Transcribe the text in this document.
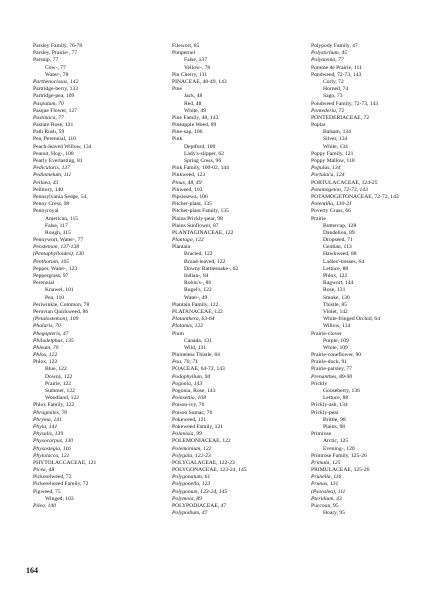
Parsley Family, 76-78
Parsley, Prairie-, 77
Parsnip, 77
Cow-, 77
Water-, 78
Parthenocissus, 142
Partridge-berry, 133
Partridge-pea, 109
Paspalum, 70
Pasque Flower, 127
Pastinaca, 77
Pasture Rose, 131
Path Rush, 59
Pea, Perennial, 110
Peach-leaved Willow, 134
Peanut, Hog-, 108
Pearly Everlasting, 81
Pedicularis, 137
Pediomelum, 111
Pellaea, 43
Pellitory, 140
Pennsylvania Sedge, 54,
Penny Cress, 98
Pennyroyal
American, 115
False, 117
Rough, 115
Pennywort, Water-, 77
Penstemon, 137-138
(Pentaphylloides), 130
Penthorum, 105
Pepper, Water-, 123
Peppergrass, 97
Perennial
Knawel, 101
Pea, 110
Periwinkle, Common, 78
Peruvian Quickweed, 86
(Petalostemon), 109
Phalaris, 70
Phegopteris, 47
Philadelphus, 135
Phleum, 70
Phlox, 122
Phlox, 122
Blue, 122
Downy, 122
Prairie, 122
Summer, 122
Woodland, 122
Phlox Family, 122
Phragmites, 70
Phryma, 141
Phyla, 141
Physalis, 139
Physocarpus, 130
Physostegia, 116
Phytolacca, 121
PHYTOLACCACEAE, 121
Picea, 48
Pickerelweed, 72
Pickerelweed Family, 72
Pigweed, 75
Winged, 103
Pilea, 140
Filewort, 85
Pimpernel
False, 137
Yellow-, 78
Pin Cherry, 131
PINACEAE, 48-49, 143
Pine
Jack, 48
Red, 48
White, 49
Pine Family, 48, 143
Pineapple Weed, 89
Pine-sap, 106
Pink
Deptford, 100
Lady's-slipper, 62
Spring Cress, 96
Pink Family, 100-02, 144
Pinkweed, 123
Pinus, 48, 49
Pinweed, 103
Pipsissewa, 106
Pitcher-plant, 135
Pitcher-plant Family, 135
Plains Prickly-pear, 98
Plains Sunflower, 87
PLANTAGINACEAE, 122
Plantago, 122
Plantain
Bracted, 122
Broad-leaved, 122
Downy Rattlesnake-, 62
Indian-, 84
Robin's-, 86
Rugel's, 122
Water-, 49
Plantain Family, 122
PLATANACEAE, 122
Platanthera, 63-64
Platanus, 122
Plum
Canada, 131
Wild, 131
Plumeless Thistle, 84
Poa, 70, 71
POACEAE, 64-72, 143
Podophyllum, 94
Pogonia, 143
Pogonia, Rose, 143
Poinsettia, 108
Poison-ivy, 76
Poison Sumac, 76
Pokeweed, 121
Pokeweed Family, 121
Polanisia, 99
POLEMONIACEAE, 122
Polemonium, 122
Polygala, 122-23
POLYGALACEAE, 122-23
POLYGONACEAE, 123-24, 145
Polygonatum, 61
Polygonella, 123
Polygonum, 123-24, 145
Polymnia, 89
POLYPODIACEAE, 47
Polypodium, 47
Polypody Family, 47
Polystichum, 45
Polytaenia, 77
Pomme de Prairie, 111
Pondweed, 72-73, 143
Curly, 72
Horned, 74
Sago, 73
Pondweed Family, 72-73, 143
Pontederia, 72
PONTEDERIACEAE, 72
Poplar
Balsam, 134
Silver, 134
White, 134
Poppy Family, 121
Poppy Mallow, 118
Populus, 134
Portulaca, 124
PORTULACACEAE, 124-25
Potamogeton, 72-73, 143
POTAMOGETONACEAE, 72-73, 143
Potentilla, 130-31
Poverty Grass, 66
Prairie
Buttercup, 128
Dandelion, 89
Dropseed, 71
Gentian, 113
Hawkweed, 88
Ladies'-tresses, 64
Lettuce, 88
Phlox, 122
Ragwort, 144
Rose, 131
Smoke, 130
Thistle, 85
Violet, 142
White-fringed Orchid, 64
Willow, 134
Prairie-clover
Purple, 109
White, 109
Prairie-coneflower, 90
Prairie-dock, 91
Prairie-parsley, 77
Prenanthes, 89-90
Prickly
Gooseberry, 136
Lettuce, 88
Prickly-ash, 134
Prickly-pear
Brittle, 98
Plains, 98
Primrose
Arctic, 125
Evening-, 120
Primrose Family, 125-26
Primula, 125
PRIMULACEAE, 125-26
Prunella, 116
Prunus, 131
(Psoralea), 111
Pteridium, 43
Puccoon, 95
Hoary, 95
164
